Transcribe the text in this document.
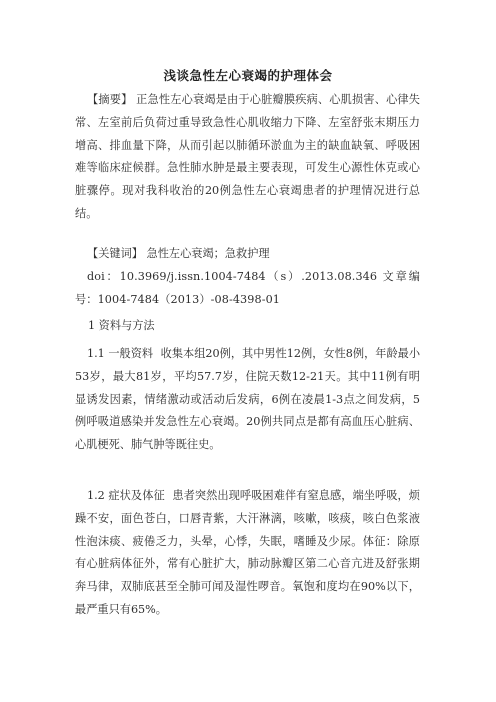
浅谈急性左心衰竭的护理体会
【摘要】 正急性左心衰竭是由于心脏瓣膜疾病、心肌损害、心律失常、左室前后负荷过重导致急性心肌收缩力下降、左室舒张末期压力增高、排血量下降，从而引起以肺循环淤血为主的缺血缺氧、呼吸困难等临床症候群。急性肺水肿是最主要表现，可发生心源性休克或心脏骤停。现对我科收治的20例急性左心衰竭患者的护理情况进行总结。
【关键词】 急性左心衰竭；急救护理
doi：10.3969/j.issn.1004-7484（s）.2013.08.346 文章编号：1004-7484（2013）-08-4398-01
1 资料与方法
1.1 一般资料 收集本组20例，其中男性12例，女性8例，年龄最小53岁，最大81岁，平均57.7岁，住院天数12-21天。其中11例有明显诱发因素，情绪激动或活动后发病，6例在凌晨1-3点之间发病，5例呼吸道感染并发急性左心衰竭。20例共同点是都有高血压心脏病、心肌梗死、肺气肿等既往史。
1.2 症状及体征 患者突然出现呼吸困难伴有窒息感，端坐呼吸，烦躁不安，面色苍白，口唇青紫，大汗淋漓，咳嗽，咳痰，咳白色浆液性泡沫痰、疲倦乏力，头晕，心悸，失眠，嗜睡及少尿。体征：除原有心脏病体征外，常有心脏扩大，肺动脉瓣区第二心音亢进及舒张期奔马律，双肺底甚至全肺可闻及湿性啰音。氧饱和度均在90%以下，最严重只有65%。
